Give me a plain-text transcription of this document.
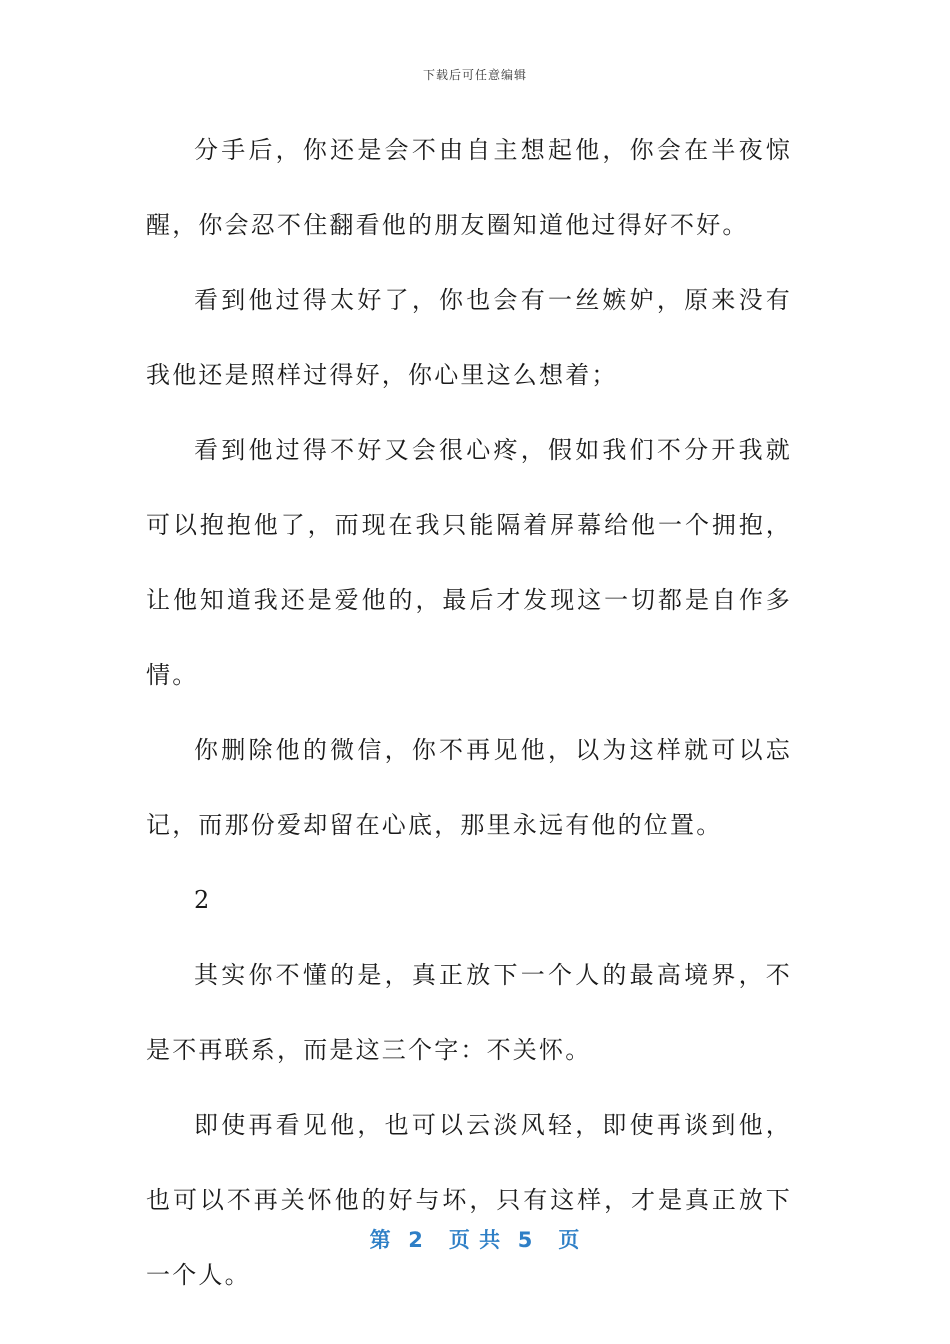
下载后可任意编辑

分手后，你还是会不由自主想起他，你会在半夜惊醒，你会忍不住翻看他的朋友圈知道他过得好不好。

看到他过得太好了，你也会有一丝嫉妒，原来没有我他还是照样过得好，你心里这么想着；

看到他过得不好又会很心疼，假如我们不分开我就可以抱抱他了，而现在我只能隔着屏幕给他一个拥抱，让他知道我还是爱他的，最后才发现这一切都是自作多情。

你删除他的微信，你不再见他，以为这样就可以忘记，而那份爱却留在心底，那里永远有他的位置。

2

其实你不懂的是，真正放下一个人的最高境界，不是不再联系，而是这三个字：不关怀。

即使再看见他，也可以云淡风轻，即使再谈到他，也可以不再关怀他的好与坏，只有这样，才是真正放下一个人。

第  2   页 共  5   页
